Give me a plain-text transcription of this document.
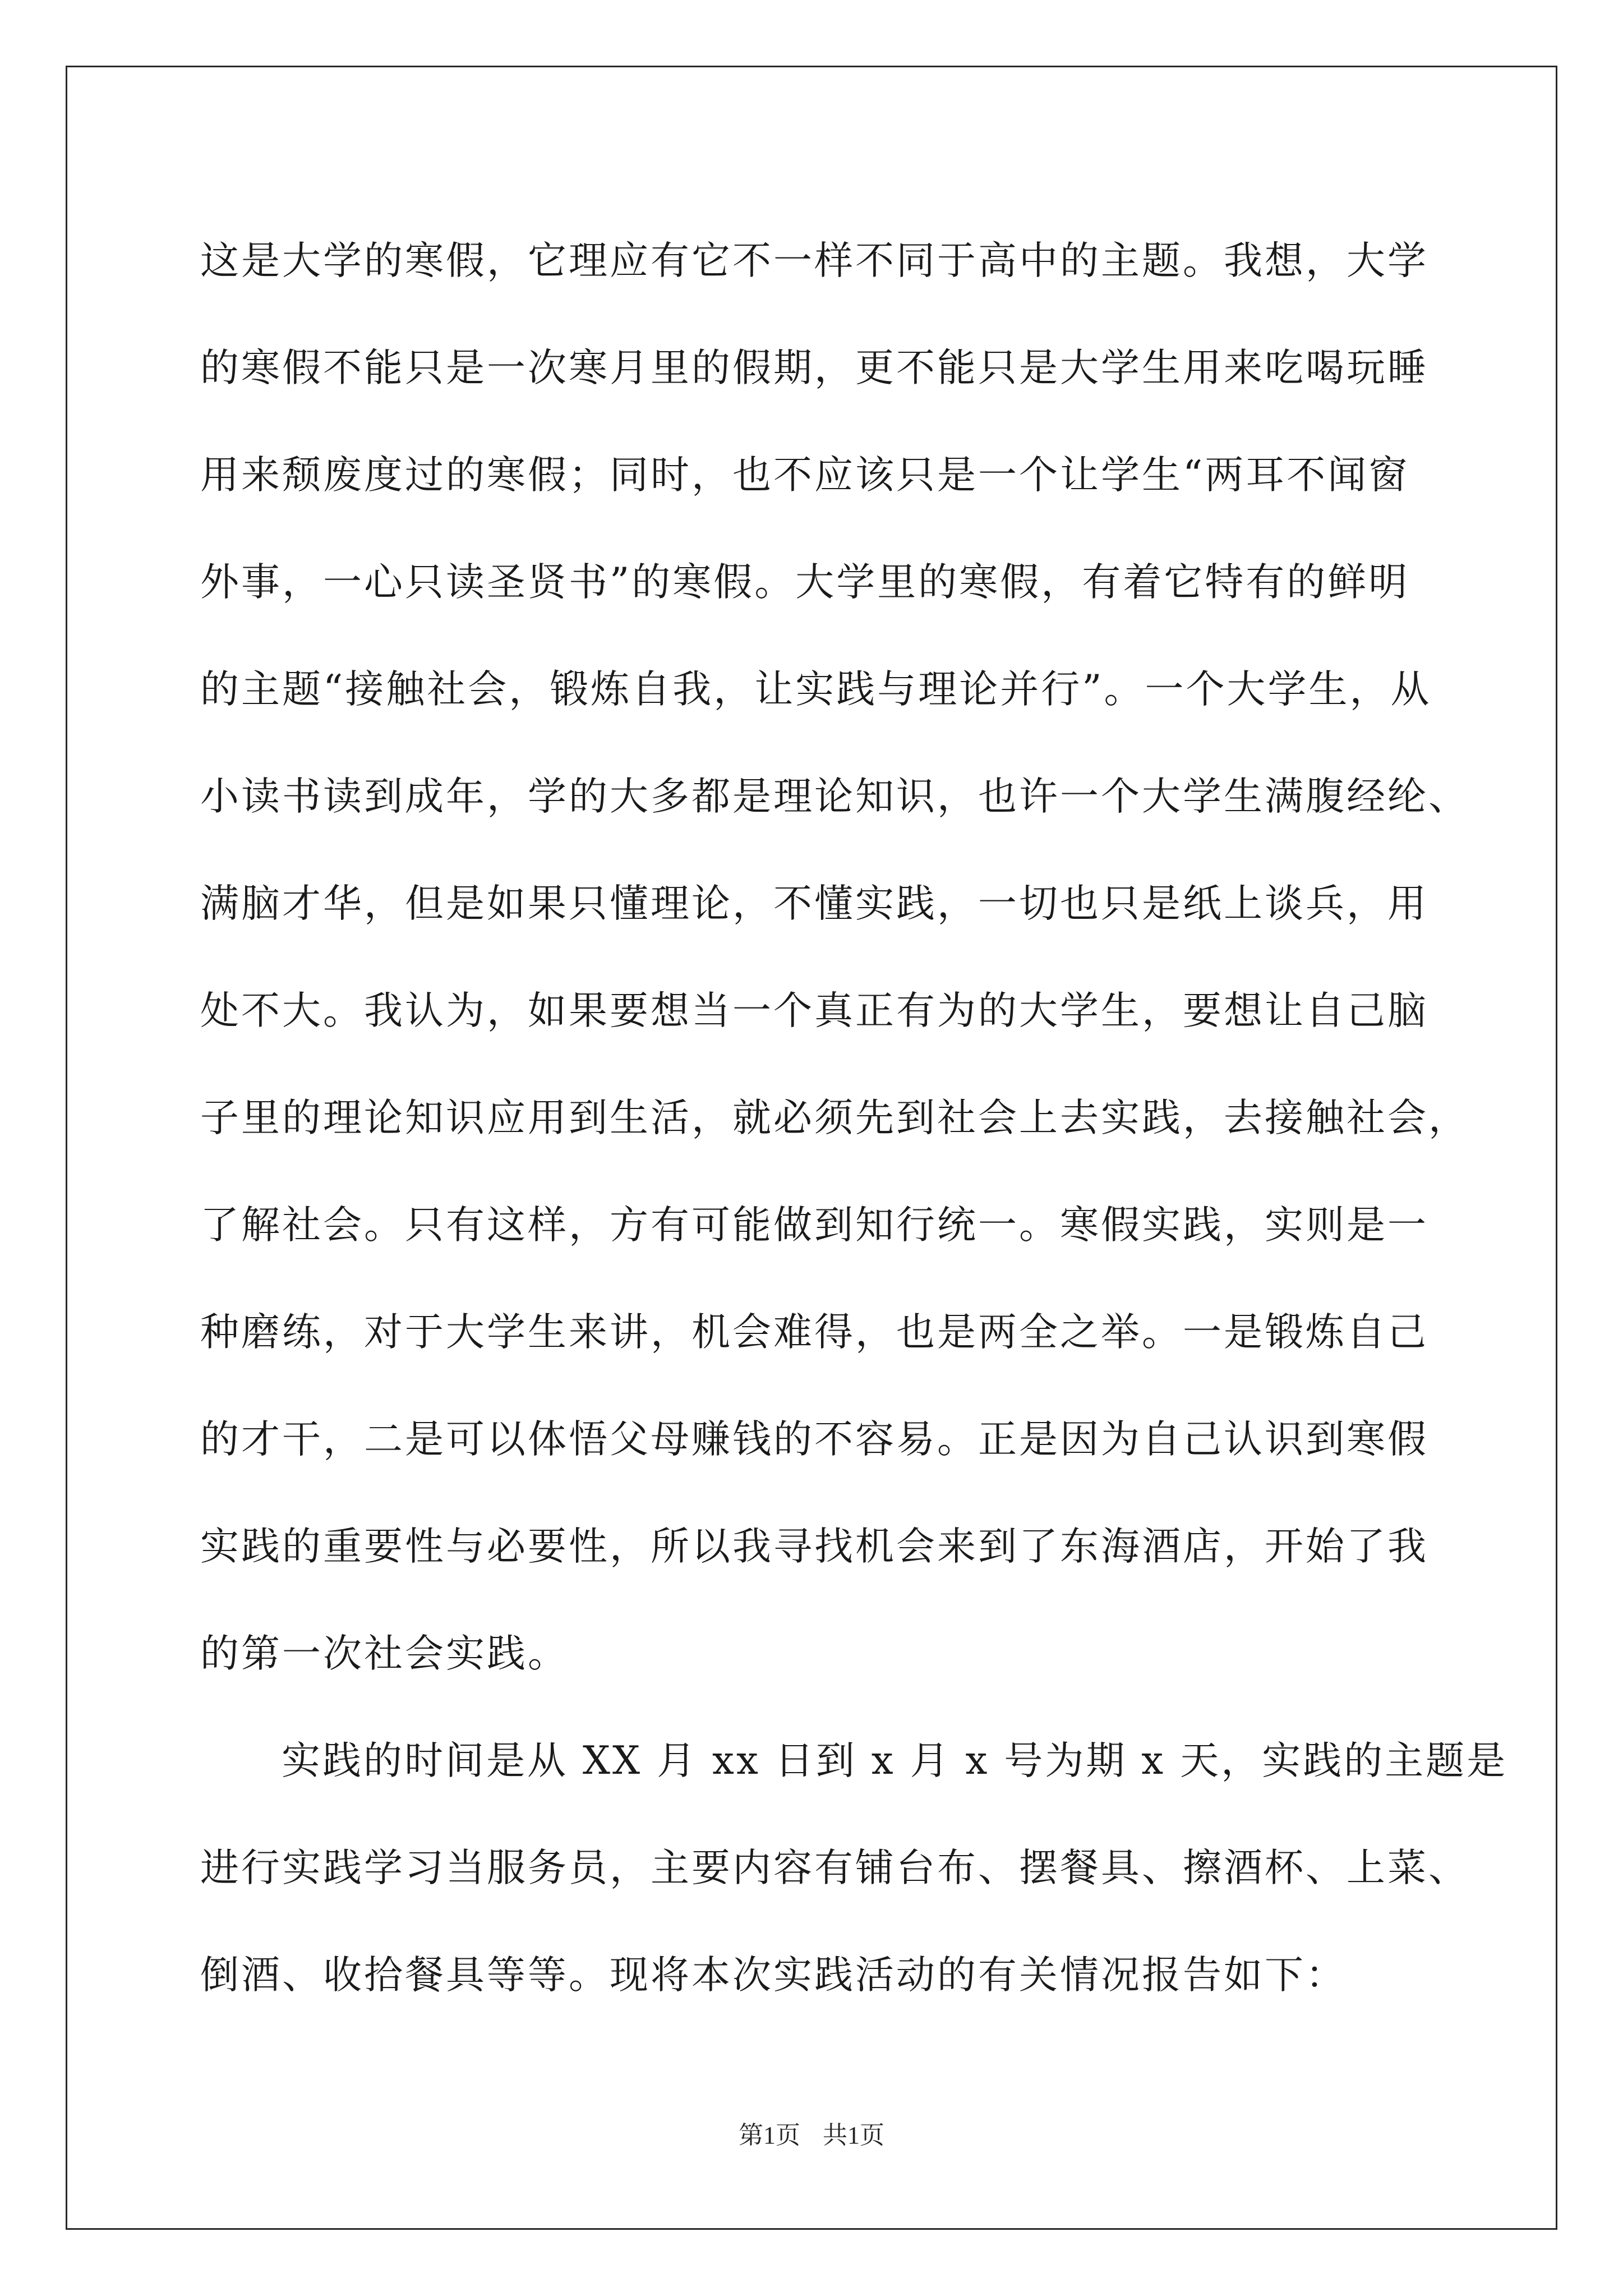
这是大学的寒假，它理应有它不一样不同于高中的主题。我想，大学
的寒假不能只是一次寒月里的假期，更不能只是大学生用来吃喝玩睡
用来颓废度过的寒假；同时，也不应该只是一个让学生“两耳不闻窗
外事，一心只读圣贤书”的寒假。大学里的寒假，有着它特有的鲜明
的主题“接触社会，锻炼自我，让实践与理论并行”。一个大学生，从
小读书读到成年，学的大多都是理论知识，也许一个大学生满腹经纶、
满脑才华，但是如果只懂理论，不懂实践，一切也只是纸上谈兵，用
处不大。我认为，如果要想当一个真正有为的大学生，要想让自己脑
子里的理论知识应用到生活，就必须先到社会上去实践，去接触社会，
了解社会。只有这样，方有可能做到知行统一。寒假实践，实则是一
种磨练，对于大学生来讲，机会难得，也是两全之举。一是锻炼自己
的才干，二是可以体悟父母赚钱的不容易。正是因为自己认识到寒假
实践的重要性与必要性，所以我寻找机会来到了东海酒店，开始了我
的第一次社会实践。
实践的时间是从 XX 月 xx 日到 x 月 x 号为期 x 天，实践的主题是
进行实践学习当服务员，主要内容有铺台布、摆餐具、擦酒杯、上菜、
倒酒、收拾餐具等等。现将本次实践活动的有关情况报告如下：
第1页 共1页
